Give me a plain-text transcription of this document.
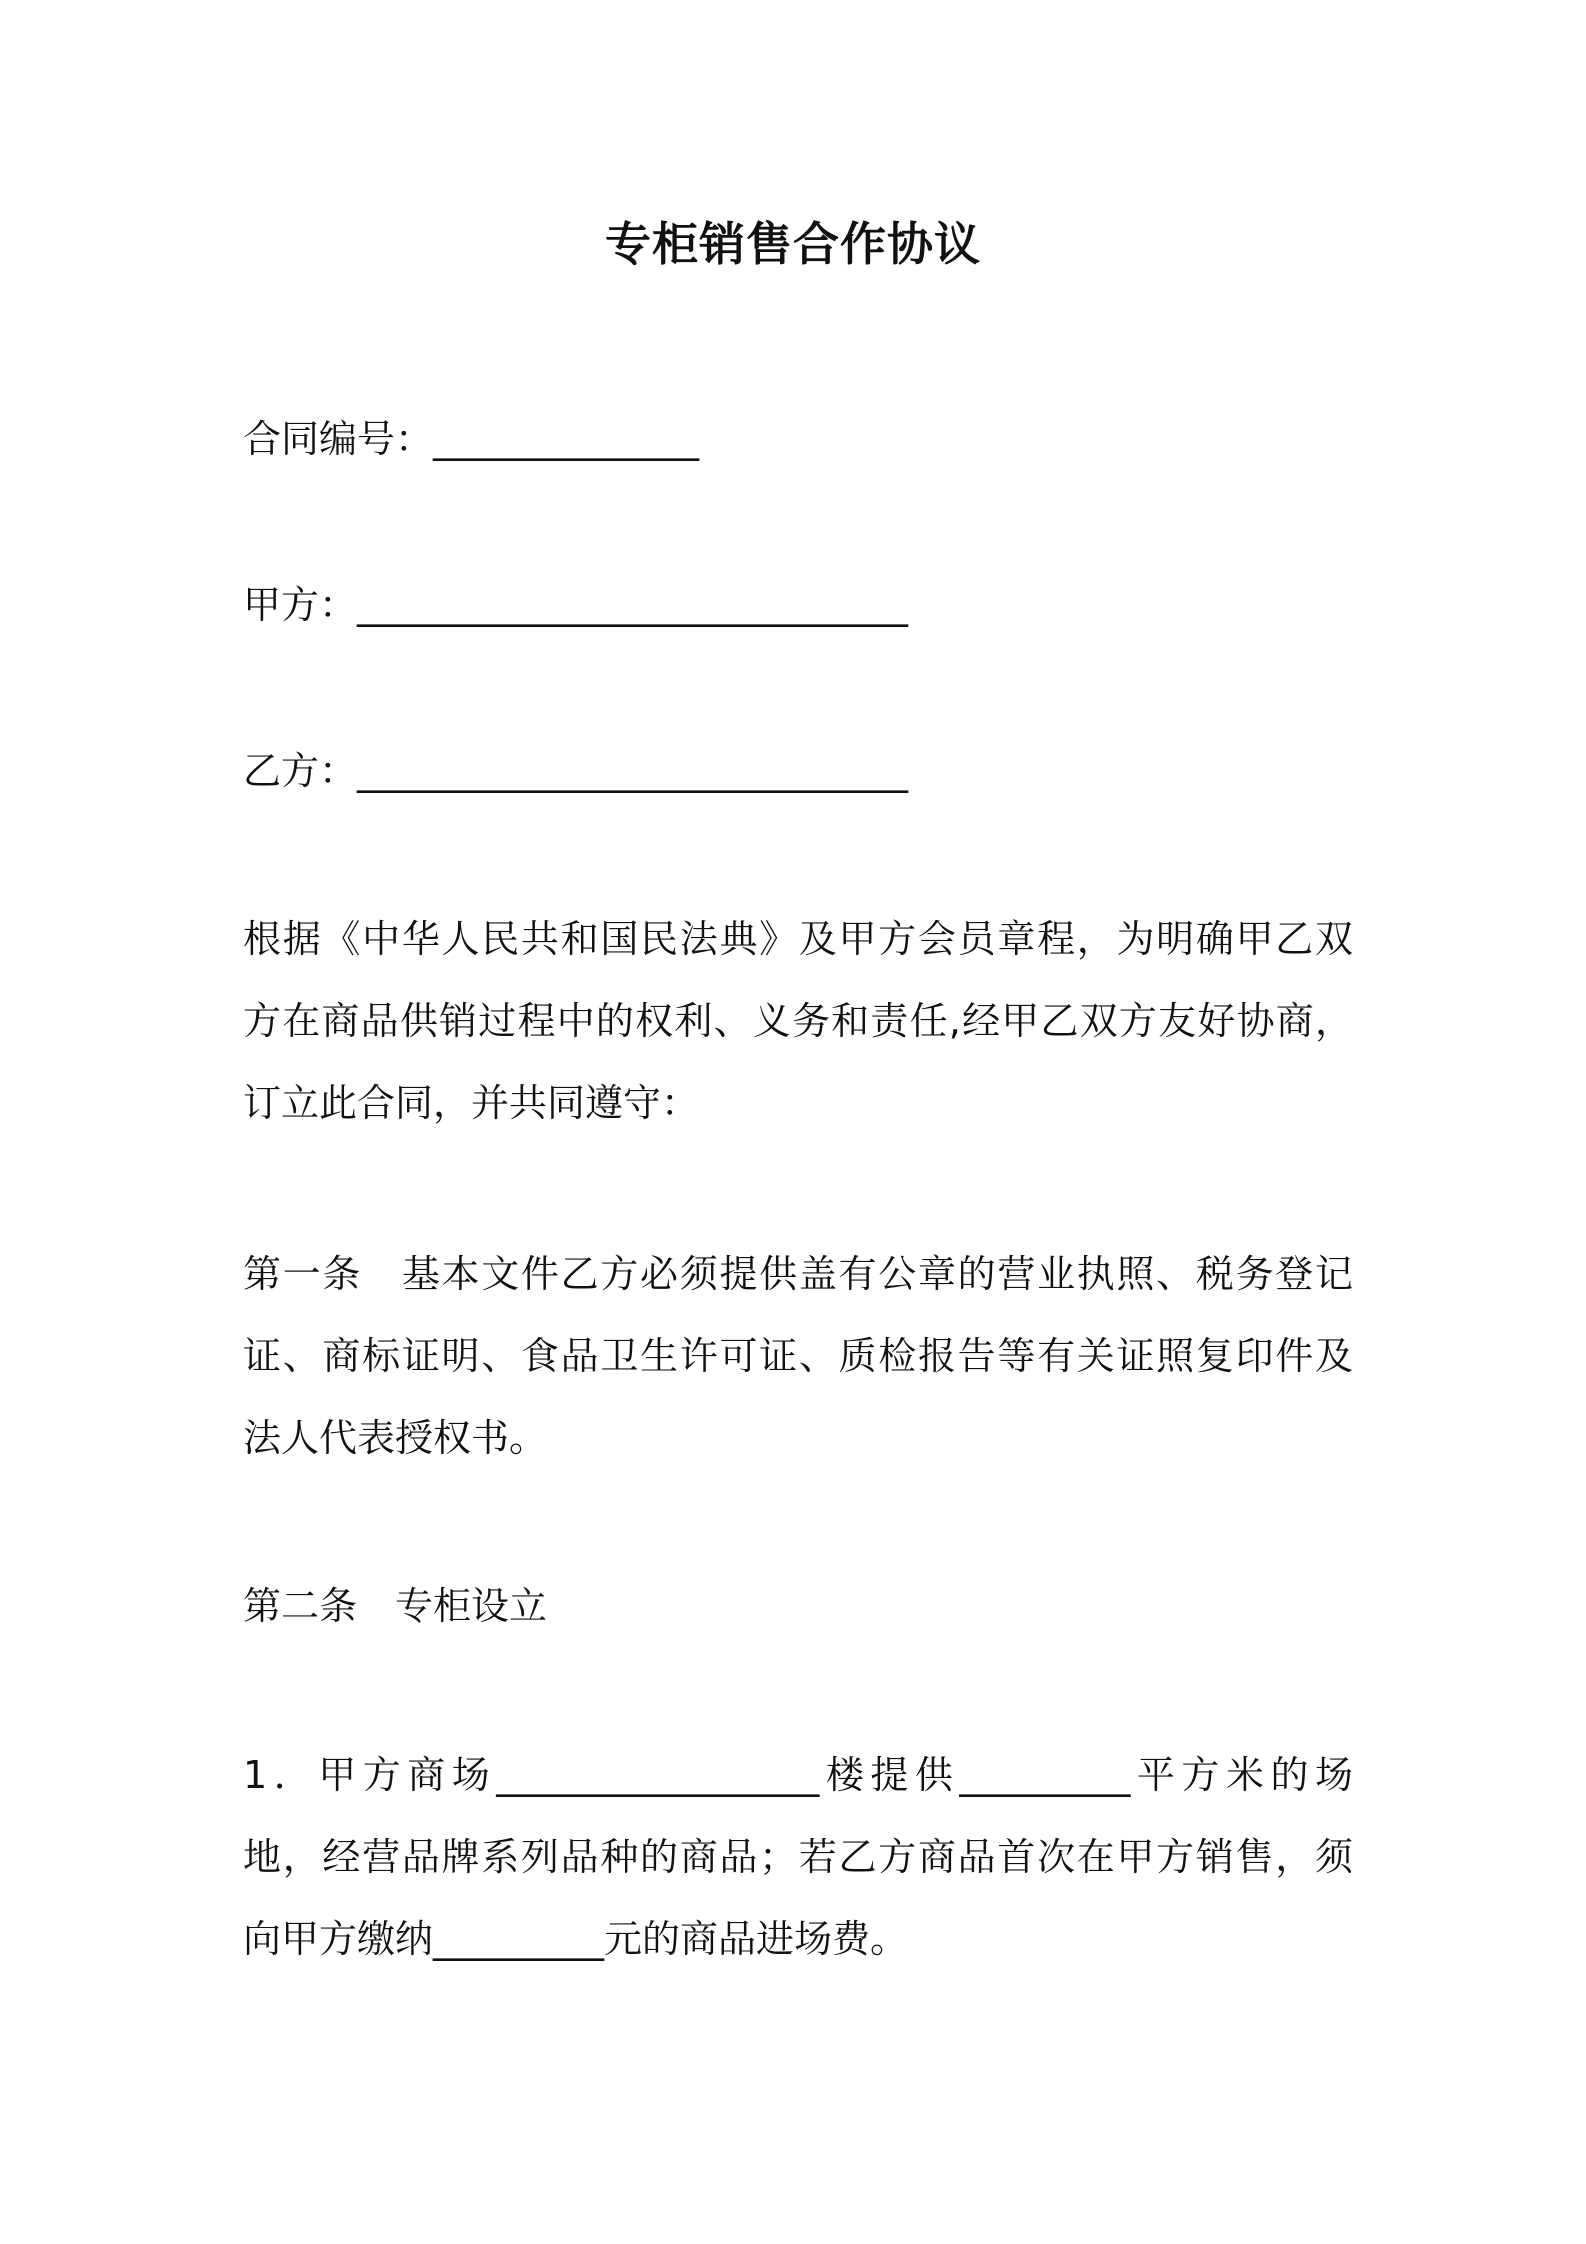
专柜销售合作协议
合同编号：______________
甲方：_____________________________
乙方：_____________________________
根据《中华人民共和国民法典》及甲方会员章程，为明确甲乙双
方在商品供销过程中的权利、义务和责任,经甲乙双方友好协商，
订立此合同，并共同遵守：
第一条　基本文件乙方必须提供盖有公章的营业执照、税务登记
证、商标证明、食品卫生许可证、质检报告等有关证照复印件及
法人代表授权书。
第二条　专柜设立
1．甲方商场_________________楼提供_________平方米的场
地，经营品牌系列品种的商品；若乙方商品首次在甲方销售，须
向甲方缴纳_________元的商品进场费。
